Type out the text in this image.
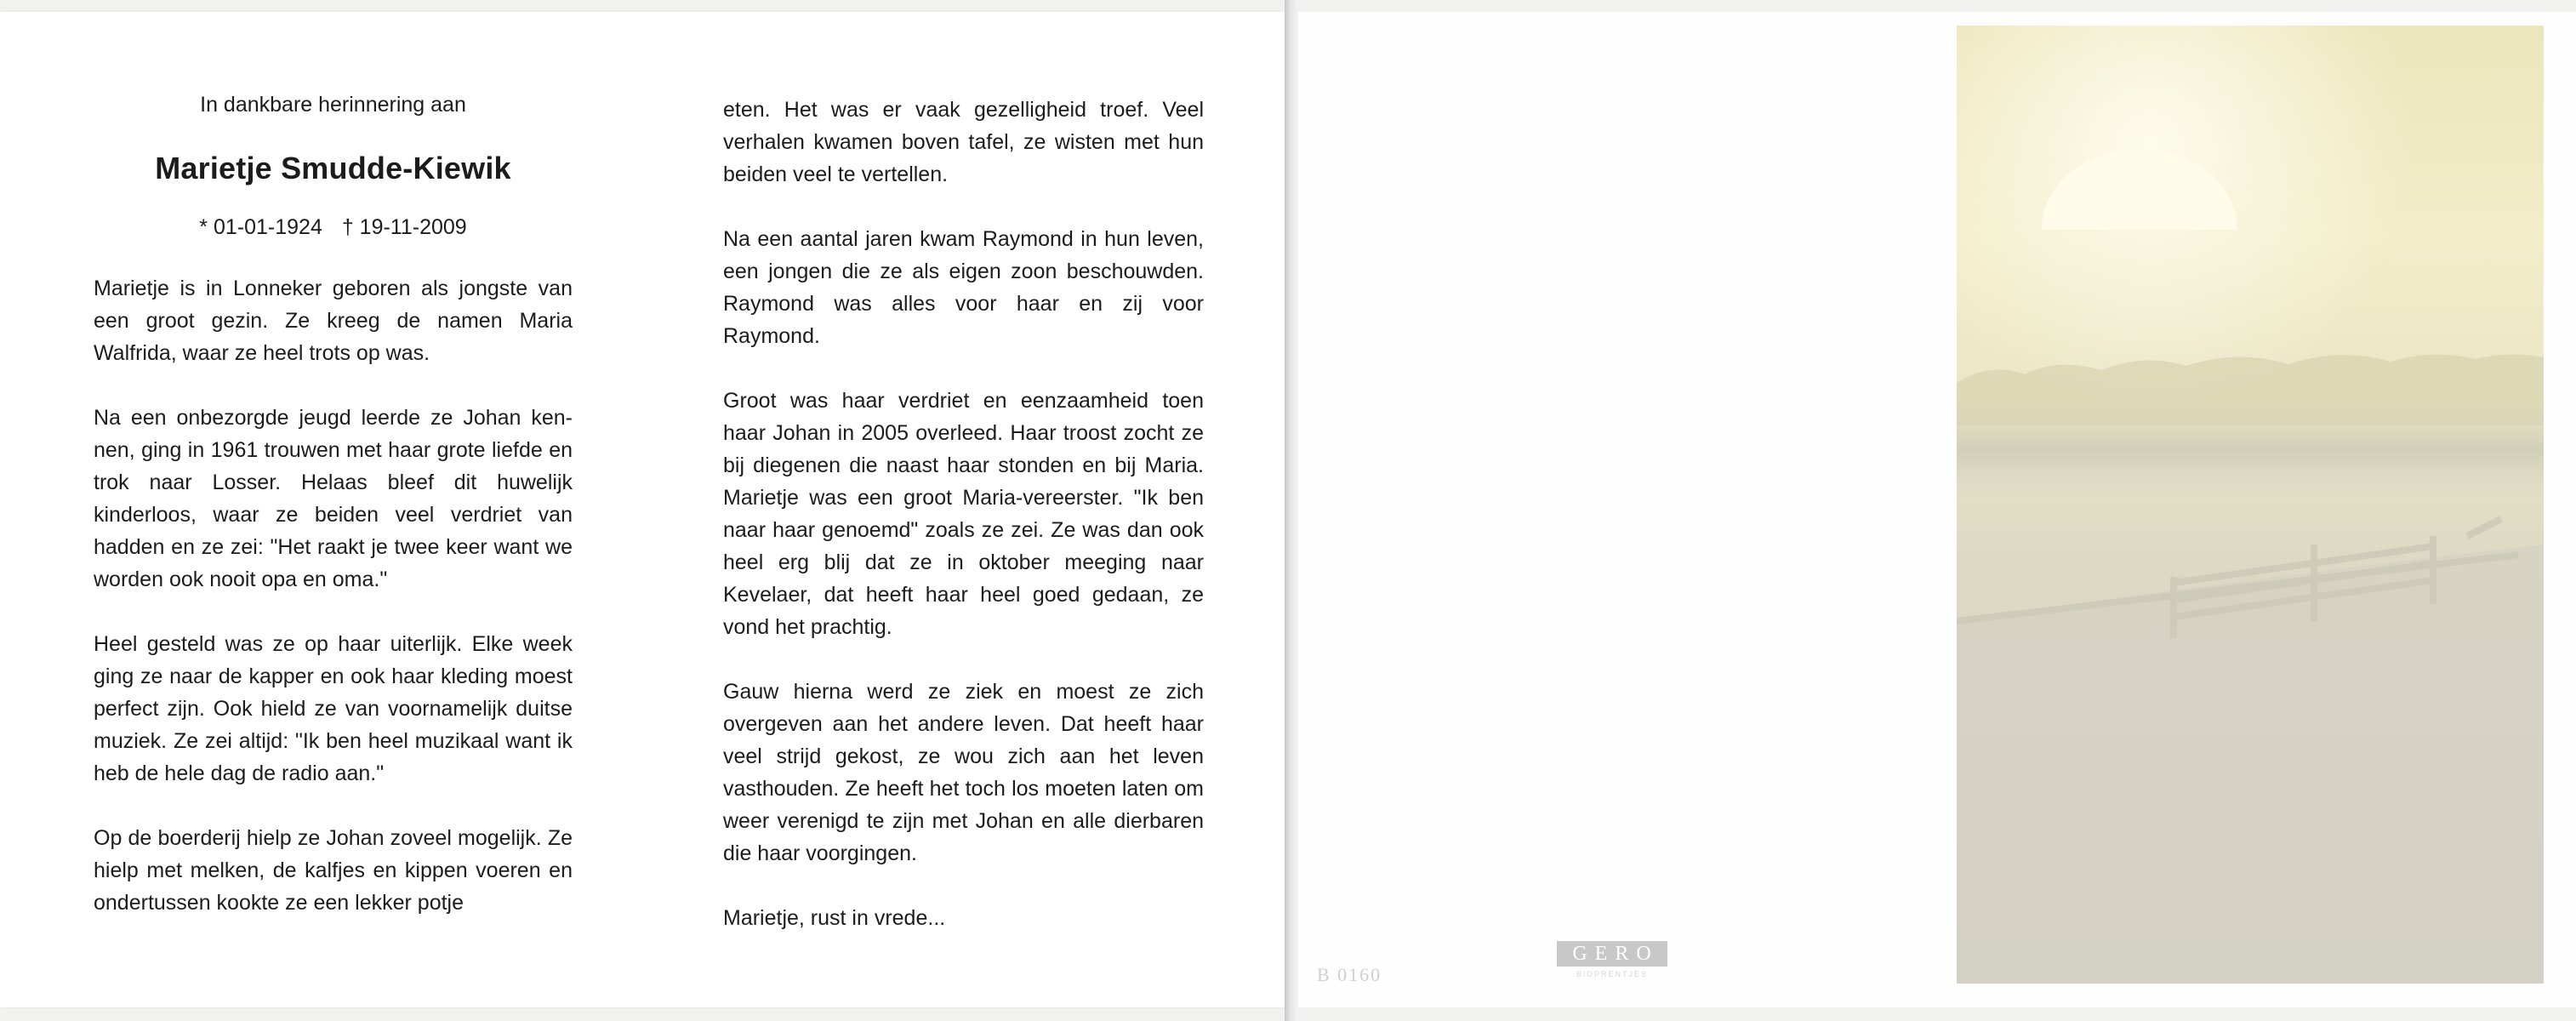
In dankbare herinnering aan

Marietje Smudde-Kiewik

* 01-01-1924 † 19-11-2009

Marietje is in Lonneker geboren als jongste van een groot gezin. Ze kreeg de namen Maria Walfrida, waar ze heel trots op was.

Na een onbezorgde jeugd leerde ze Johan kennen, ging in 1961 trouwen met haar grote liefde en trok naar Losser. Helaas bleef dit huwelijk kinderloos, waar ze beiden veel verdriet van hadden en ze zei: "Het raakt je twee keer want we worden ook nooit opa en oma."

Heel gesteld was ze op haar uiterlijk. Elke week ging ze naar de kapper en ook haar kleding moest perfect zijn. Ook hield ze van voornamelijk duitse muziek. Ze zei altijd: "Ik ben heel muzikaal want ik heb de hele dag de radio aan."

Op de boerderij hielp ze Johan zoveel mogelijk. Ze hielp met melken, de kalfjes en kippen voeren en ondertussen kookte ze een lekker potje

eten. Het was er vaak gezelligheid troef. Veel verhalen kwamen boven tafel, ze wisten met hun beiden veel te vertellen.

Na een aantal jaren kwam Raymond in hun leven, een jongen die ze als eigen zoon beschouwden. Raymond was alles voor haar en zij voor Raymond.

Groot was haar verdriet en eenzaamheid toen haar Johan in 2005 overleed. Haar troost zocht ze bij diegenen die naast haar stonden en bij Maria. Marietje was een groot Maria-vereerster. "Ik ben naar haar genoemd" zoals ze zei. Ze was dan ook heel erg blij dat ze in oktober meeging naar Kevelaer, dat heeft haar heel goed gedaan, ze vond het prachtig.

Gauw hierna werd ze ziek en moest ze zich overgeven aan het andere leven. Dat heeft haar veel strijd gekost, ze wou zich aan het leven vasthouden. Ze heeft het toch los moeten laten om weer verenigd te zijn met Johan en alle dierbaren die haar voorgingen.

Marietje, rust in vrede...

B 0160
GERO
BIDPRENTJES
